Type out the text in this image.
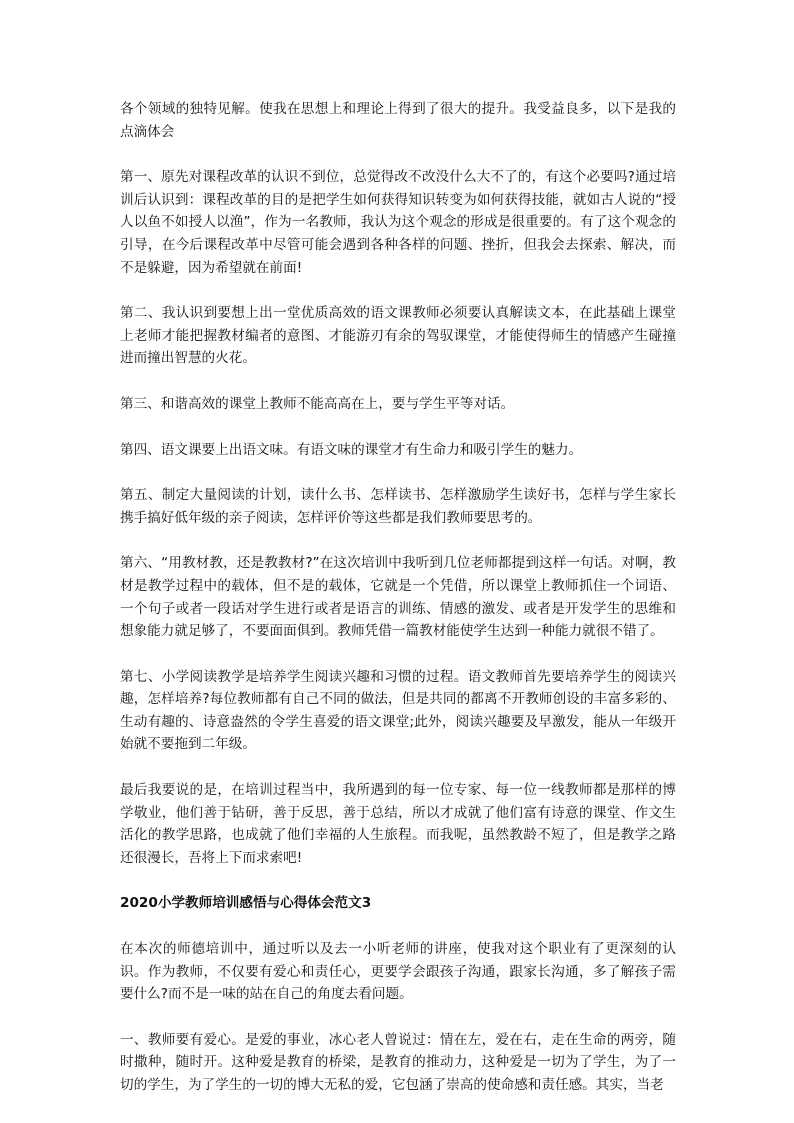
各个领域的独特见解。使我在思想上和理论上得到了很大的提升。我受益良多，以下是我的点滴体会

第一、原先对课程改革的认识不到位，总觉得改不改没什么大不了的，有这个必要吗?通过培训后认识到：课程改革的目的是把学生如何获得知识转变为如何获得技能，就如古人说的“授人以鱼不如授人以渔”，作为一名教师，我认为这个观念的形成是很重要的。有了这个观念的引导，在今后课程改革中尽管可能会遇到各种各样的问题、挫折，但我会去探索、解决，而不是躲避，因为希望就在前面!

第二、我认识到要想上出一堂优质高效的语文课教师必须要认真解读文本，在此基础上课堂上老师才能把握教材编者的意图、才能游刃有余的驾驭课堂，才能使得师生的情感产生碰撞进而撞出智慧的火花。

第三、和谐高效的课堂上教师不能高高在上，要与学生平等对话。

第四、语文课要上出语文味。有语文味的课堂才有生命力和吸引学生的魅力。

第五、制定大量阅读的计划，读什么书、怎样读书、怎样激励学生读好书，怎样与学生家长携手搞好低年级的亲子阅读，怎样评价等这些都是我们教师要思考的。

第六、“用教材教，还是教教材?”在这次培训中我听到几位老师都提到这样一句话。对啊，教材是教学过程中的载体，但不是的载体，它就是一个凭借，所以课堂上教师抓住一个词语、一个句子或者一段话对学生进行或者是语言的训练、情感的激发、或者是开发学生的思维和想象能力就足够了，不要面面俱到。教师凭借一篇教材能使学生达到一种能力就很不错了。

第七、小学阅读教学是培养学生阅读兴趣和习惯的过程。语文教师首先要培养学生的阅读兴趣，怎样培养?每位教师都有自己不同的做法，但是共同的都离不开教师创设的丰富多彩的、生动有趣的、诗意盎然的令学生喜爱的语文课堂;此外，阅读兴趣要及早激发，能从一年级开始就不要拖到二年级。

最后我要说的是，在培训过程当中，我所遇到的每一位专家、每一位一线教师都是那样的博学敬业，他们善于钻研，善于反思，善于总结，所以才成就了他们富有诗意的课堂、作文生活化的教学思路，也成就了他们幸福的人生旅程。而我呢，虽然教龄不短了，但是教学之路还很漫长，吾将上下而求索吧!

2020小学教师培训感悟与心得体会范文3

在本次的师德培训中，通过听以及去一小听老师的讲座，使我对这个职业有了更深刻的认识。作为教师，不仅要有爱心和责任心，更要学会跟孩子沟通，跟家长沟通，多了解孩子需要什么?而不是一味的站在自己的角度去看问题。

一、教师要有爱心。是爱的事业，冰心老人曾说过：情在左，爱在右，走在生命的两旁，随时撒种，随时开。这种爱是教育的桥梁，是教育的推动力，这种爱是一切为了学生，为了一切的学生，为了学生的一切的博大无私的爱，它包涵了崇高的使命感和责任感。其实，当老
